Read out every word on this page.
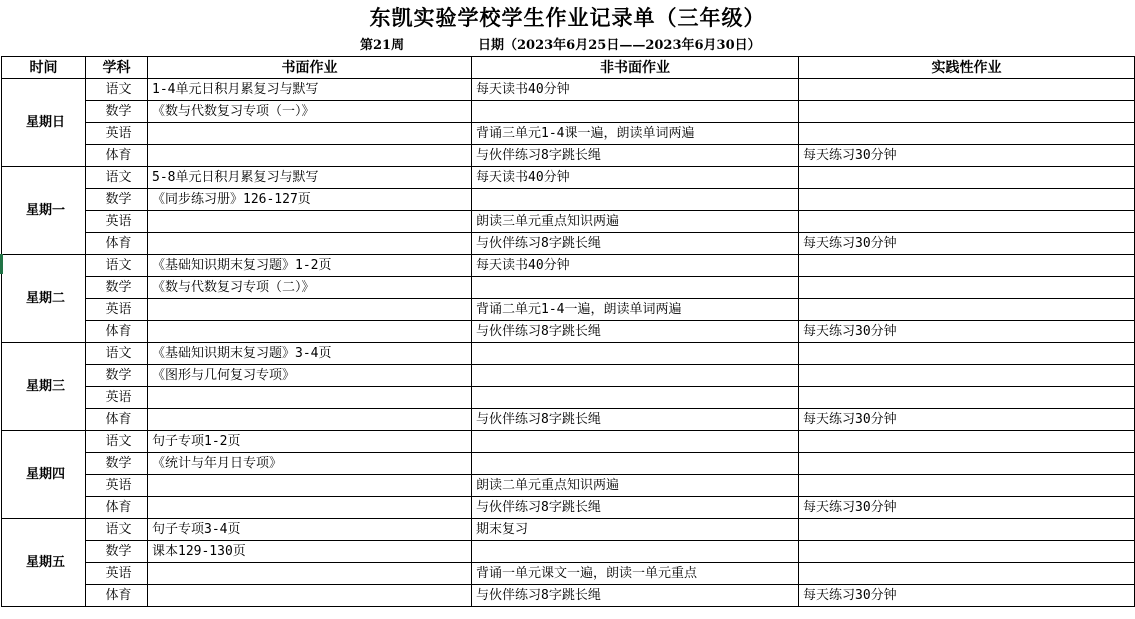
东凯实验学校学生作业记录单（三年级）
第21周	日期（2023年6月25日——2023年6月30日）
时间	学科	书面作业	非书面作业	实践性作业
星期日	语文	1-4单元日积月累复习与默写	每天读书40分钟	
	数学	《数与代数复习专项（一）》		
	英语		背诵三单元1-4课一遍，朗读单词两遍	
	体育		与伙伴练习8字跳长绳	每天练习30分钟
星期一	语文	5-8单元日积月累复习与默写	每天读书40分钟	
	数学	《同步练习册》126-127页		
	英语		朗读三单元重点知识两遍	
	体育		与伙伴练习8字跳长绳	每天练习30分钟
星期二	语文	《基础知识期末复习题》1-2页	每天读书40分钟	
	数学	《数与代数复习专项（二）》		
	英语		背诵二单元1-4一遍，朗读单词两遍	
	体育		与伙伴练习8字跳长绳	每天练习30分钟
星期三	语文	《基础知识期末复习题》3-4页		
	数学	《图形与几何复习专项》		
	英语			
	体育		与伙伴练习8字跳长绳	每天练习30分钟
星期四	语文	句子专项1-2页		
	数学	《统计与年月日专项》		
	英语		朗读二单元重点知识两遍	
	体育		与伙伴练习8字跳长绳	每天练习30分钟
星期五	语文	句子专项3-4页	期末复习	
	数学	课本129-130页		
	英语		背诵一单元课文一遍，朗读一单元重点	
	体育		与伙伴练习8字跳长绳	每天练习30分钟
